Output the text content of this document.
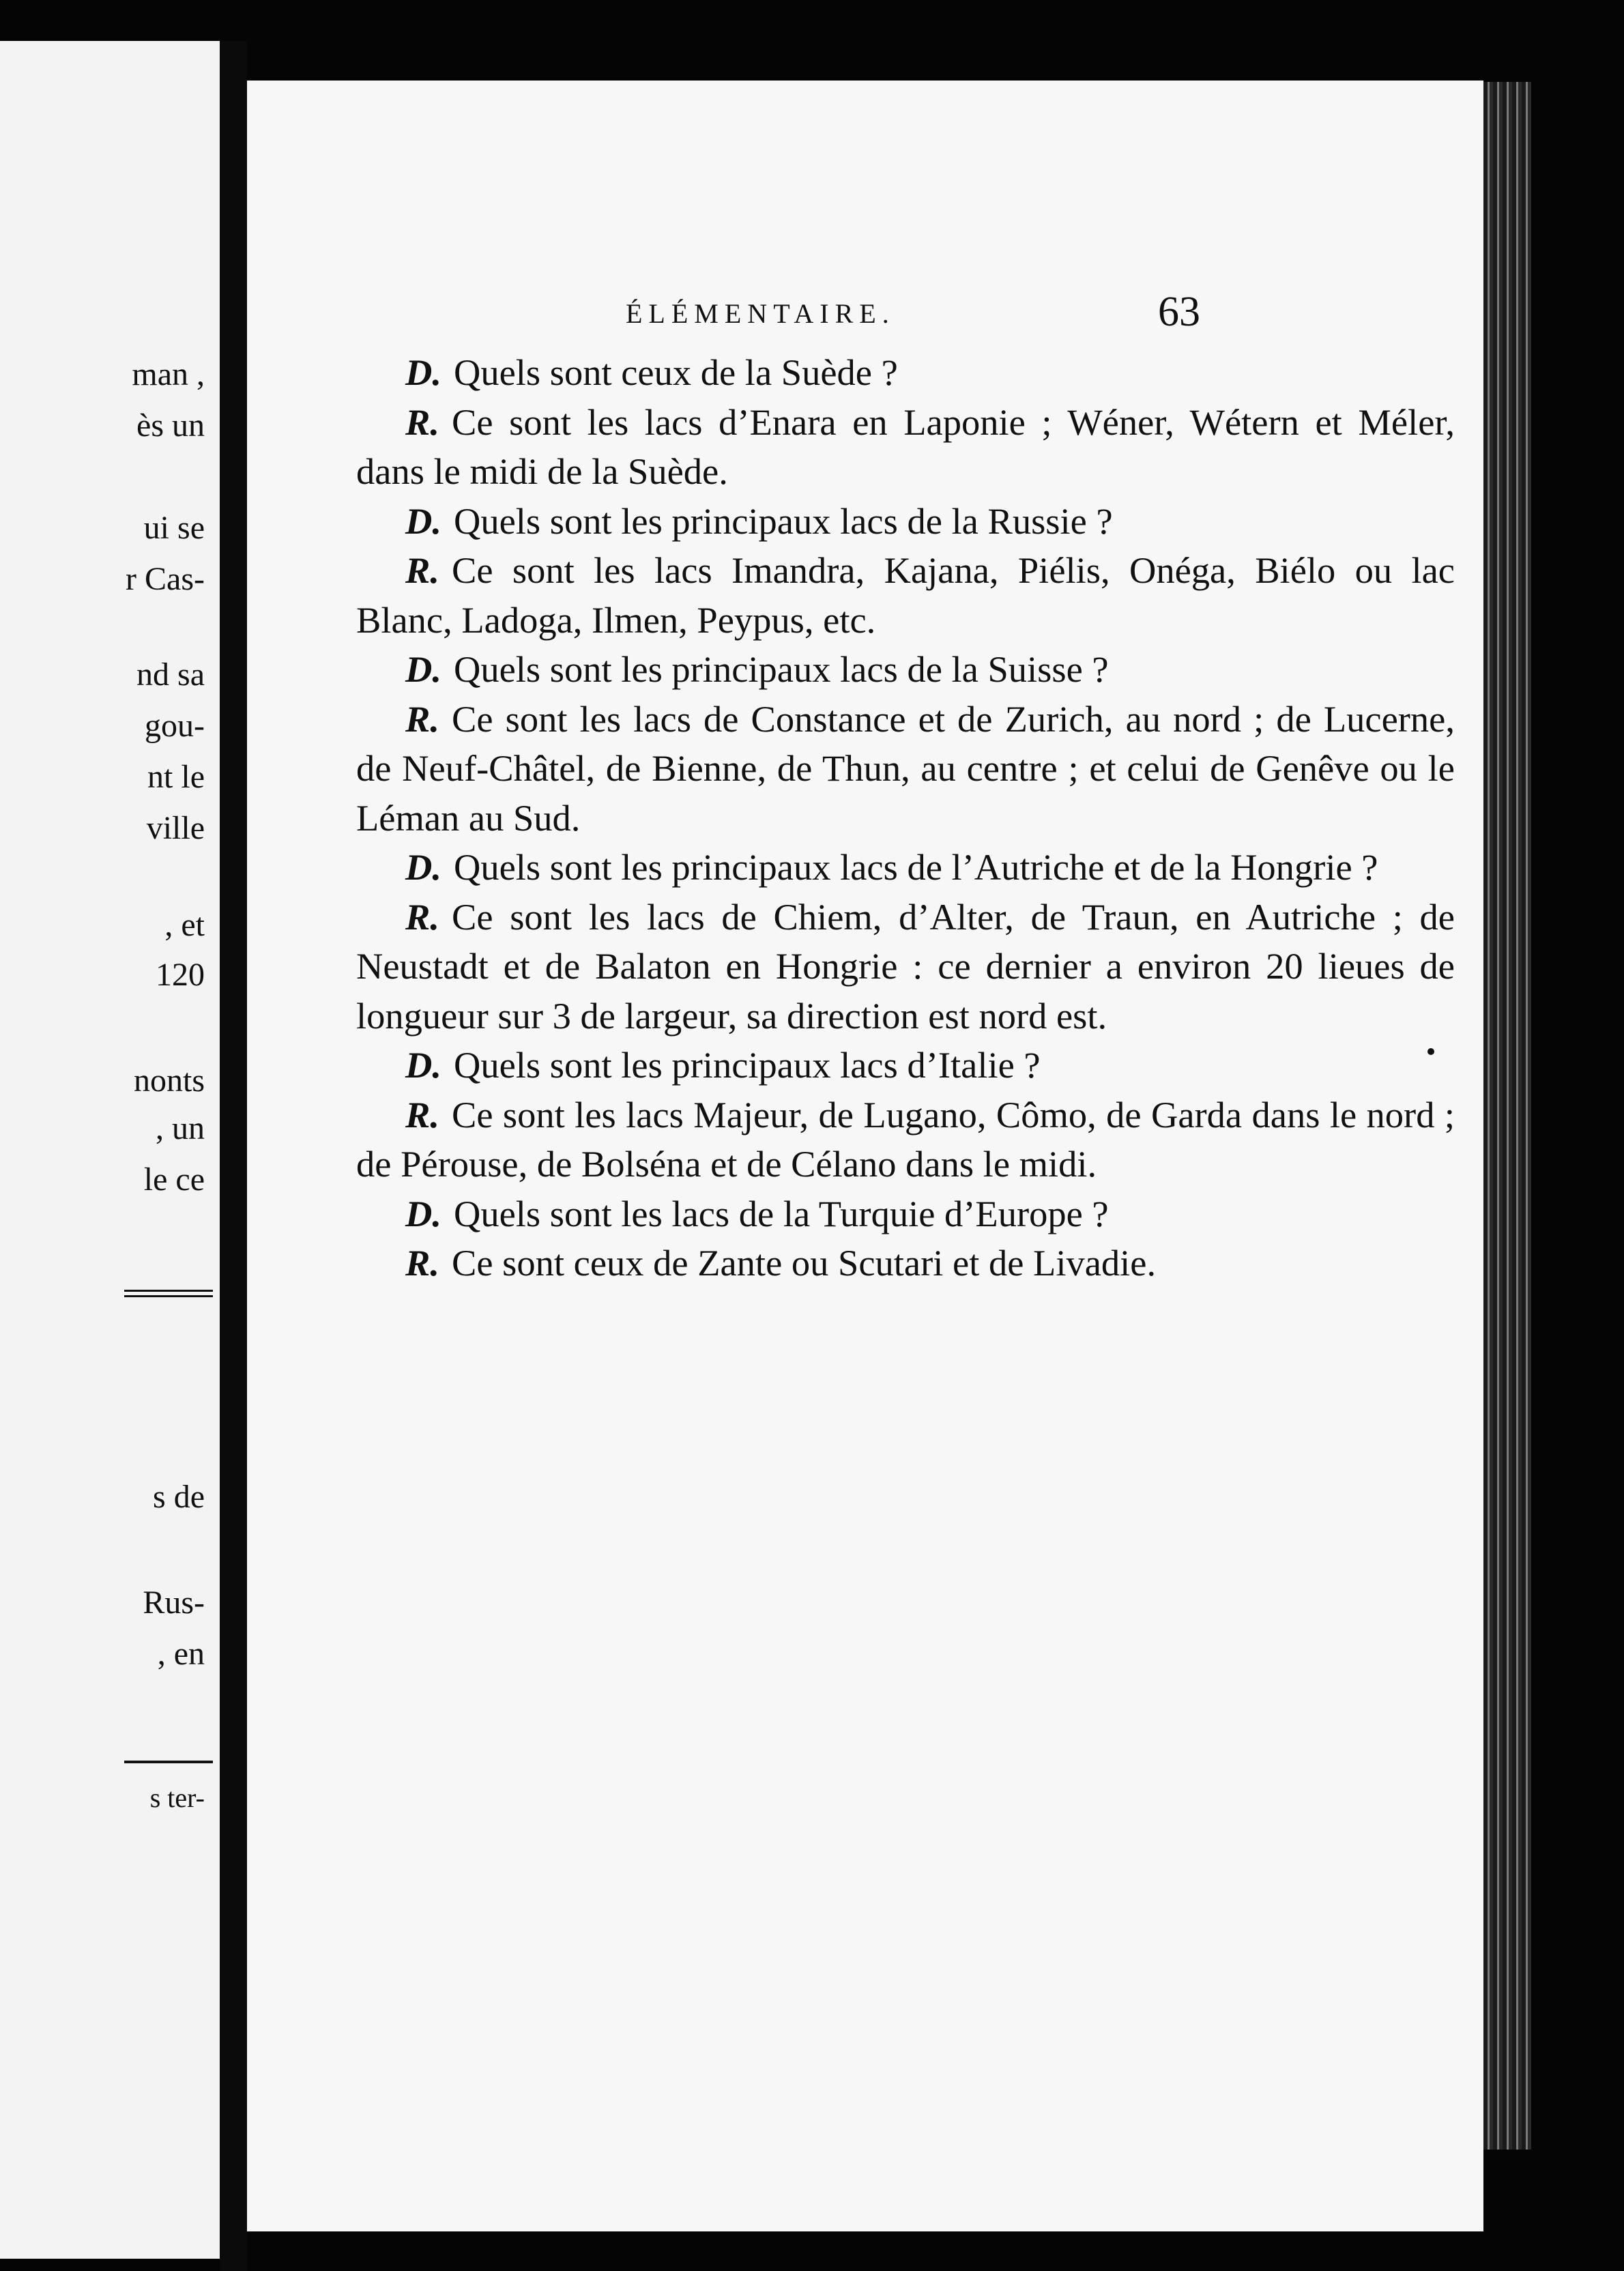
man ,
ès un
ui se
r Cas-
nd sa
gou-
nt le
ville
, et
120
nonts
, un
le ce
s de
Rus-
, en
s ter-
ÉLÉMENTAIRE.	63

D. Quels sont ceux de la Suède ?

R. Ce sont les lacs d’Enara en Laponie ; Wéner, Wétern et Méler, dans le midi de la Suède.

D. Quels sont les principaux lacs de la Russie ?

R. Ce sont les lacs Imandra, Kajana, Piélis, Onéga, Biélo ou lac Blanc, Ladoga, Ilmen, Peypus, etc.

D. Quels sont les principaux lacs de la Suisse ?

R. Ce sont les lacs de Constance et de Zurich, au nord ; de Lucerne, de Neuf-Châtel, de Bienne, de Thun, au centre ; et celui de Genêve ou le Léman au Sud.

D. Quels sont les principaux lacs de l’Autriche et de la Hongrie ?

R. Ce sont les lacs de Chiem, d’Alter, de Traun, en Autriche ; de Neustadt et de Balaton en Hongrie : ce dernier a environ 20 lieues de longueur sur 3 de largeur, sa direction est nord est.

D. Quels sont les principaux lacs d’Italie ?

R. Ce sont les lacs Majeur, de Lugano, Cômo, de Garda dans le nord ; de Pérouse, de Bolséna et de Célano dans le midi.

D. Quels sont les lacs de la Turquie d’Europe ?

R. Ce sont ceux de Zante ou Scutari et de Livadie.
